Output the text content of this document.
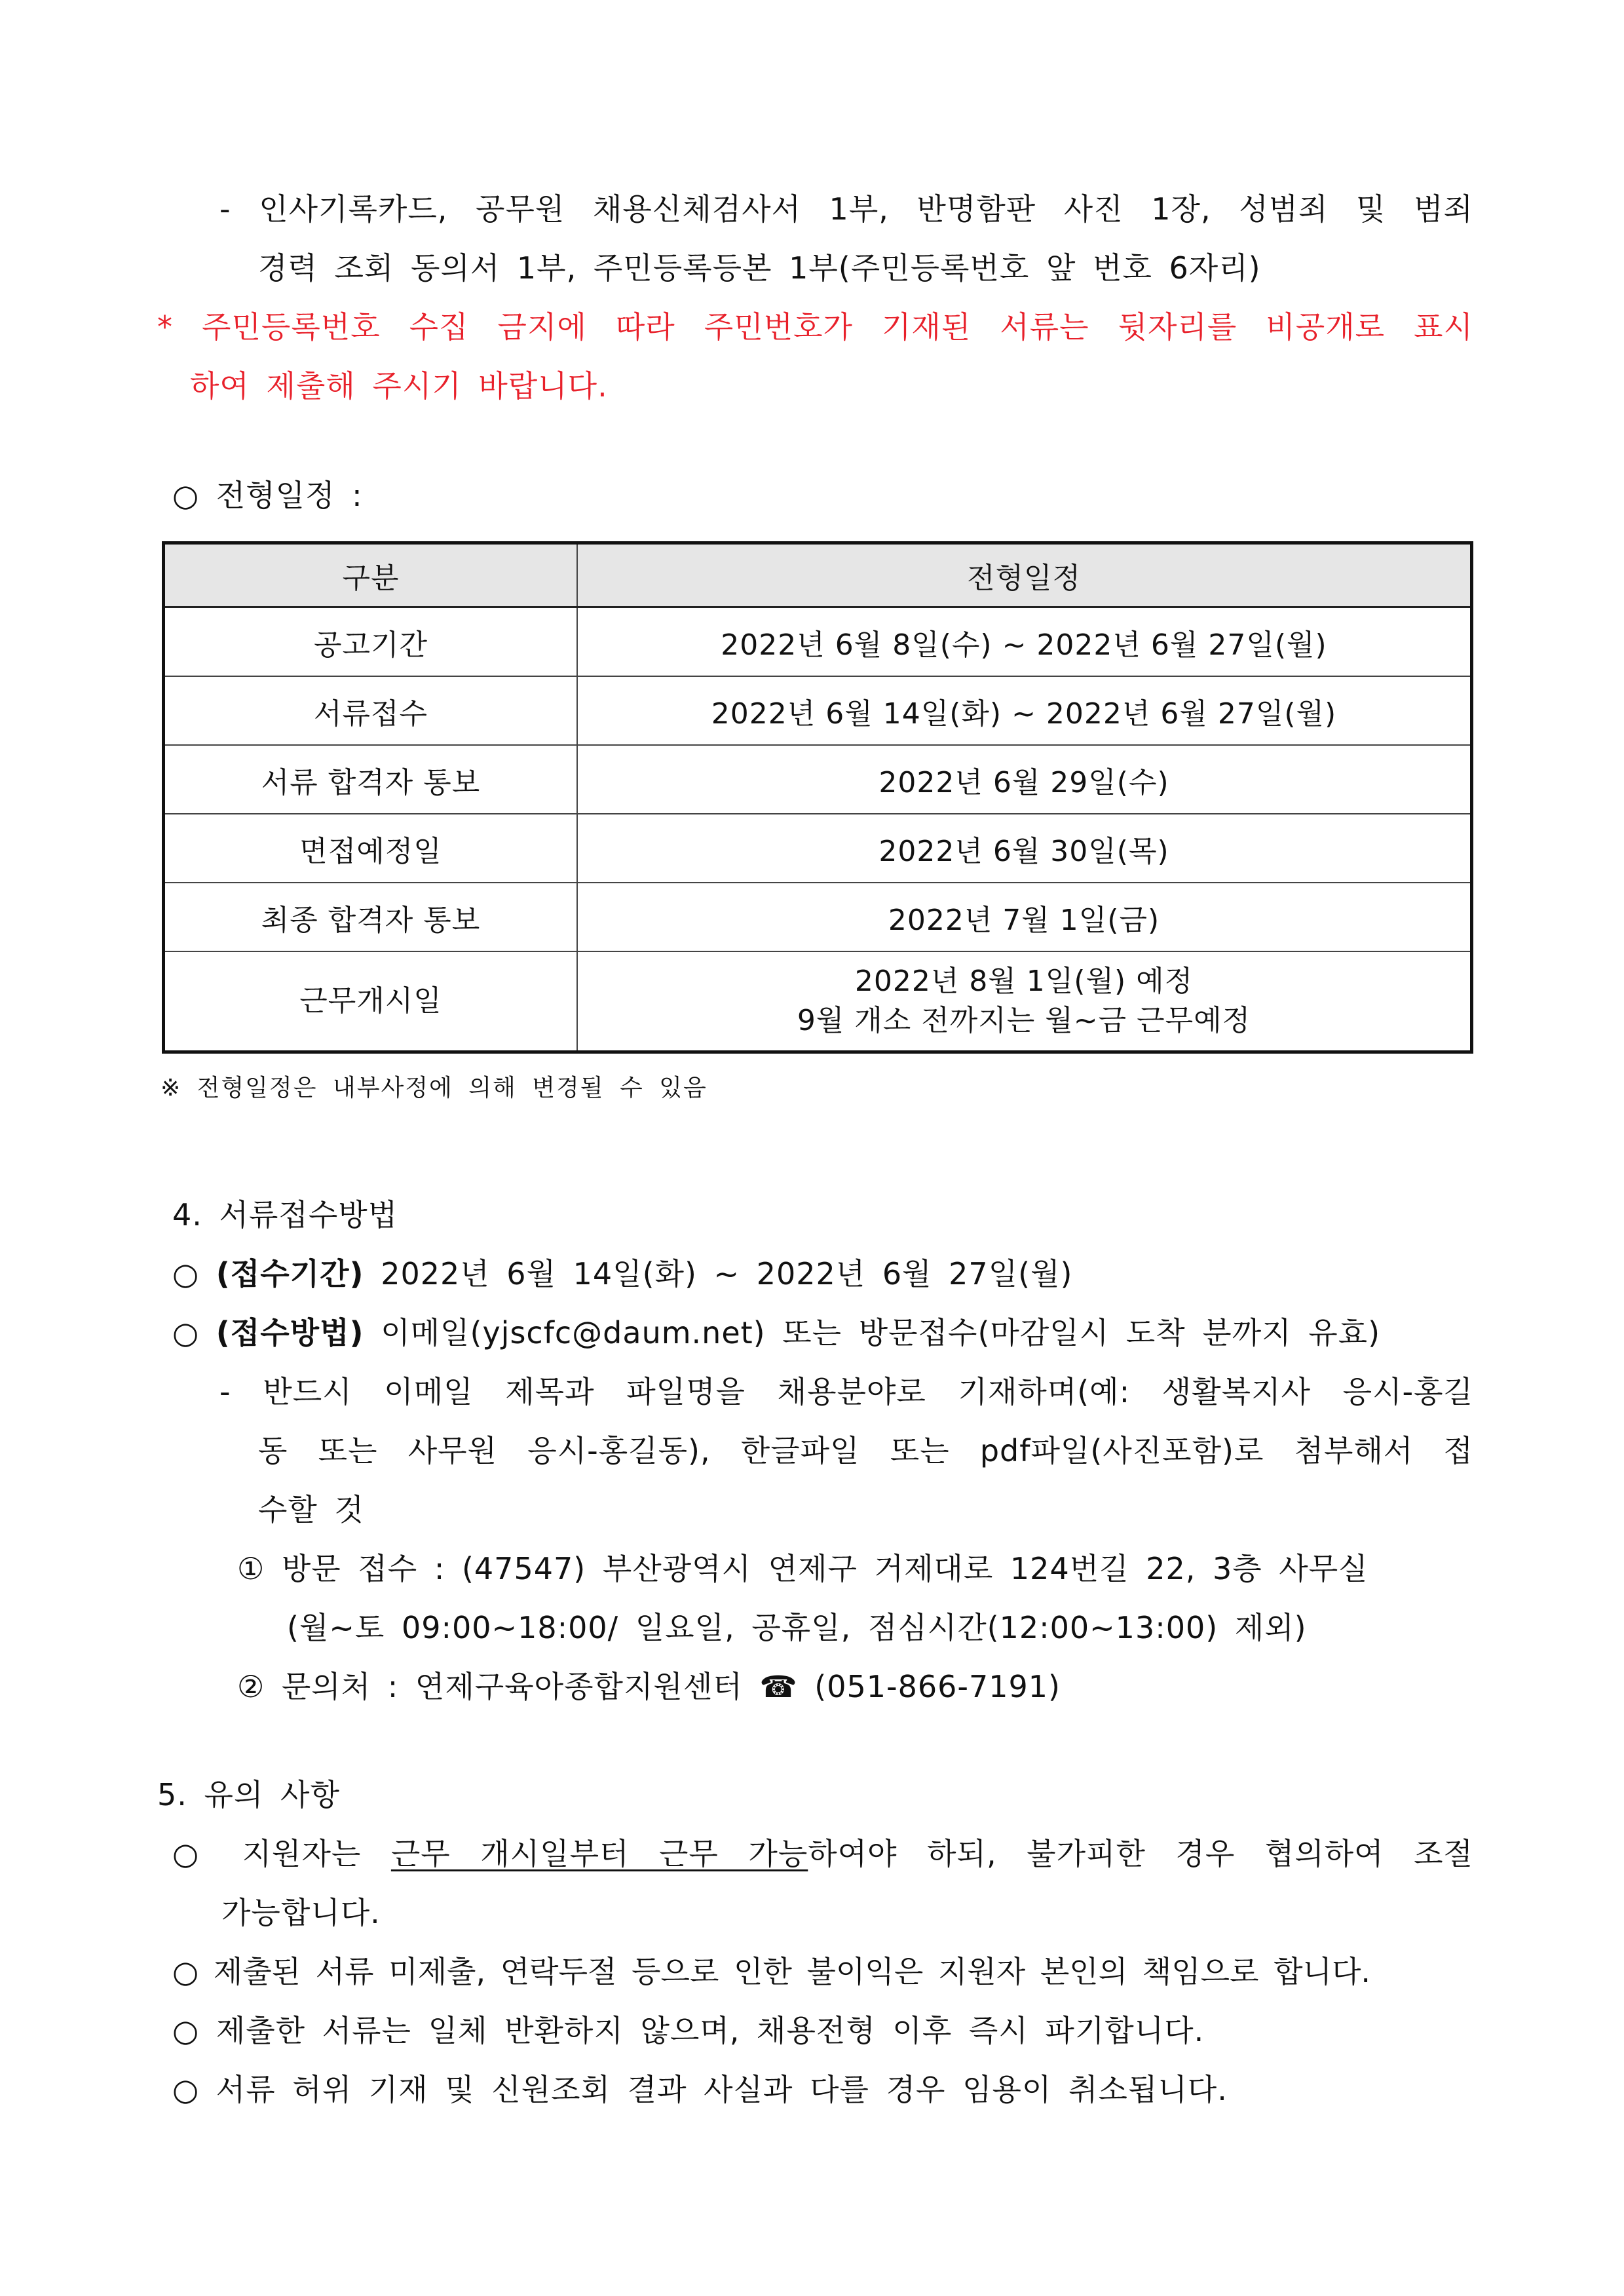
- 인사기록카드, 공무원 채용신체검사서 1부, 반명함판 사진 1장, 성범죄 및 범죄
경력 조회 동의서 1부, 주민등록등본 1부(주민등록번호 앞 번호 6자리)
* 주민등록번호 수집 금지에 따라 주민번호가 기재된 서류는 뒷자리를 비공개로 표시
하여 제출해 주시기 바랍니다.
○ 전형일정 :
구분	전형일정
공고기간	2022년 6월 8일(수) ~ 2022년 6월 27일(월)
서류접수	2022년 6월 14일(화) ~ 2022년 6월 27일(월)
서류 합격자 통보	2022년 6월 29일(수)
면접예정일	2022년 6월 30일(목)
최종 합격자 통보	2022년 7월 1일(금)
근무개시일	2022년 8월 1일(월) 예정
9월 개소 전까지는 월~금 근무예정
※ 전형일정은 내부사정에 의해 변경될 수 있음
4. 서류접수방법
○ (접수기간) 2022년 6월 14일(화) ~ 2022년 6월 27일(월)
○ (접수방법) 이메일(yjscfc@daum.net) 또는 방문접수(마감일시 도착 분까지 유효)
- 반드시 이메일 제목과 파일명을 채용분야로 기재하며(예: 생활복지사 응시-홍길
동 또는 사무원 응시-홍길동), 한글파일 또는 pdf파일(사진포함)로 첨부해서 접
수할 것
① 방문 접수 : (47547) 부산광역시 연제구 거제대로 124번길 22, 3층 사무실
(월~토 09:00~18:00/ 일요일, 공휴일, 점심시간(12:00~13:00) 제외)
② 문의처 : 연제구육아종합지원센터 ☎ (051-866-7191)
5. 유의 사항
○ 지원자는 근무 개시일부터 근무 가능하여야 하되, 불가피한 경우 협의하여 조절
가능합니다.
○ 제출된 서류 미제출, 연락두절 등으로 인한 불이익은 지원자 본인의 책임으로 합니다.
○ 제출한 서류는 일체 반환하지 않으며, 채용전형 이후 즉시 파기합니다.
○ 서류 허위 기재 및 신원조회 결과 사실과 다를 경우 임용이 취소됩니다.
